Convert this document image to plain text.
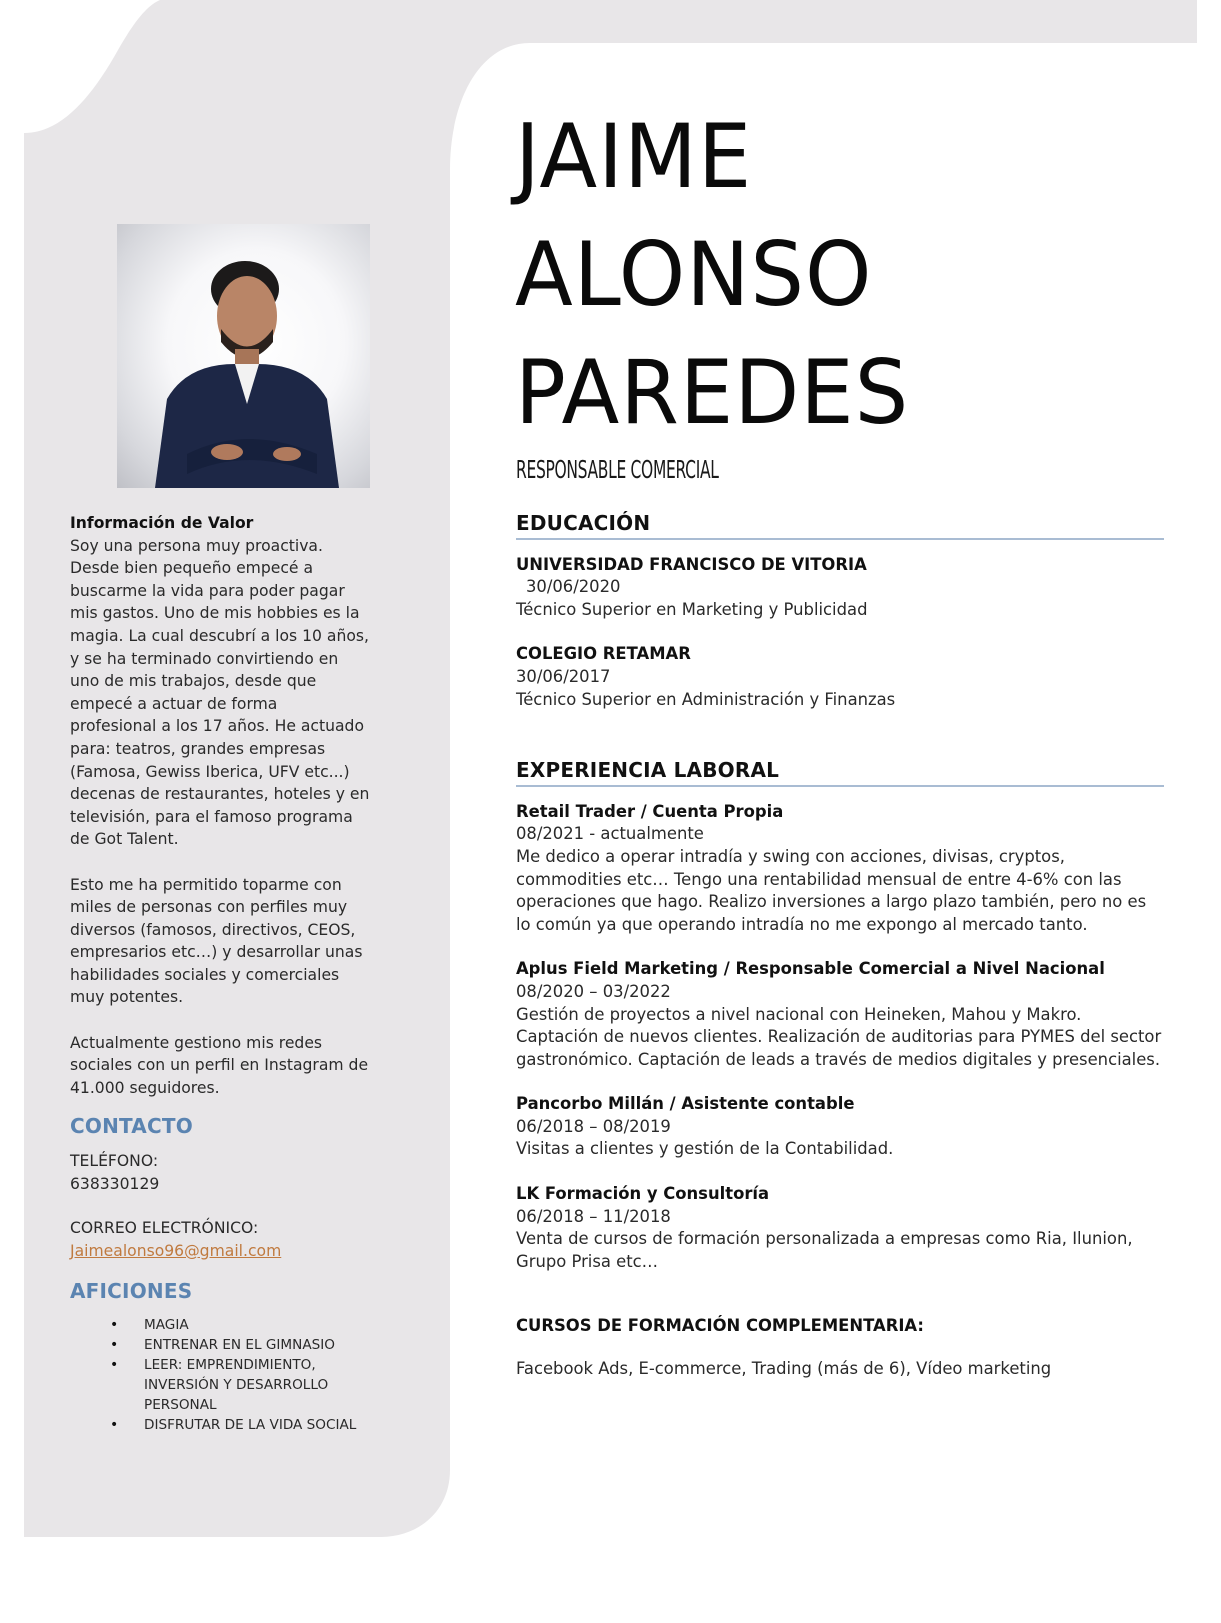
Información de Valor

Soy una persona muy proactiva.
Desde bien pequeño empecé a
buscarme la vida para poder pagar
mis gastos. Uno de mis hobbies es la
magia. La cual descubrí a los 10 años,
y se ha terminado convirtiendo en
uno de mis trabajos, desde que
empecé a actuar de forma
profesional a los 17 años. He actuado
para: teatros, grandes empresas
(Famosa, Gewiss Iberica, UFV etc...)
decenas de restaurantes, hoteles y en
televisión, para el famoso programa
de Got Talent.

Esto me ha permitido toparme con
miles de personas con perfiles muy
diversos (famosos, directivos, CEOS,
empresarios etc…) y desarrollar unas
habilidades sociales y comerciales
muy potentes.

Actualmente gestiono mis redes
sociales con un perfil en Instagram de
41.000 seguidores.

CONTACTO

TELÉFONO:

638330129

CORREO ELECTRÓNICO:

Jaimealonso96@gmail.com

AFICIONES
• MAGIA
• ENTRENAR EN EL GIMNASIO
• LEER: EMPRENDIMIENTO,
INVERSIÓN Y DESARROLLO
PERSONAL
• DISFRUTAR DE LA VIDA SOCIAL
JAIME
ALONSO
PAREDES
RESPONSABLE COMERCIAL
EDUCACIÓN
UNIVERSIDAD FRANCISCO DE VITORIA
30/06/2020
Técnico Superior en Marketing y Publicidad
COLEGIO RETAMAR
30/06/2017
Técnico Superior en Administración y Finanzas
EXPERIENCIA LABORAL
Retail Trader / Cuenta Propia
08/2021 - actualmente
Me dedico a operar intradía y swing con acciones, divisas, cryptos, commodities etc… Tengo una rentabilidad mensual de entre 4-6% con las operaciones que hago. Realizo inversiones a largo plazo también, pero no es lo común ya que operando intradía no me expongo al mercado tanto.
Aplus Field Marketing / Responsable Comercial a Nivel Nacional
08/2020 – 03/2022
Gestión de proyectos a nivel nacional con Heineken, Mahou y Makro. Captación de nuevos clientes. Realización de auditorias para PYMES del sector gastronómico. Captación de leads a través de medios digitales y presenciales.
Pancorbo Millán / Asistente contable
06/2018 – 08/2019
Visitas a clientes y gestión de la Contabilidad.
LK Formación y Consultoría
06/2018 – 11/2018
Venta de cursos de formación personalizada a empresas como Ria, Ilunion, Grupo Prisa etc…
CURSOS DE FORMACIÓN COMPLEMENTARIA:
Facebook Ads, E-commerce, Trading (más de 6), Vídeo marketing
